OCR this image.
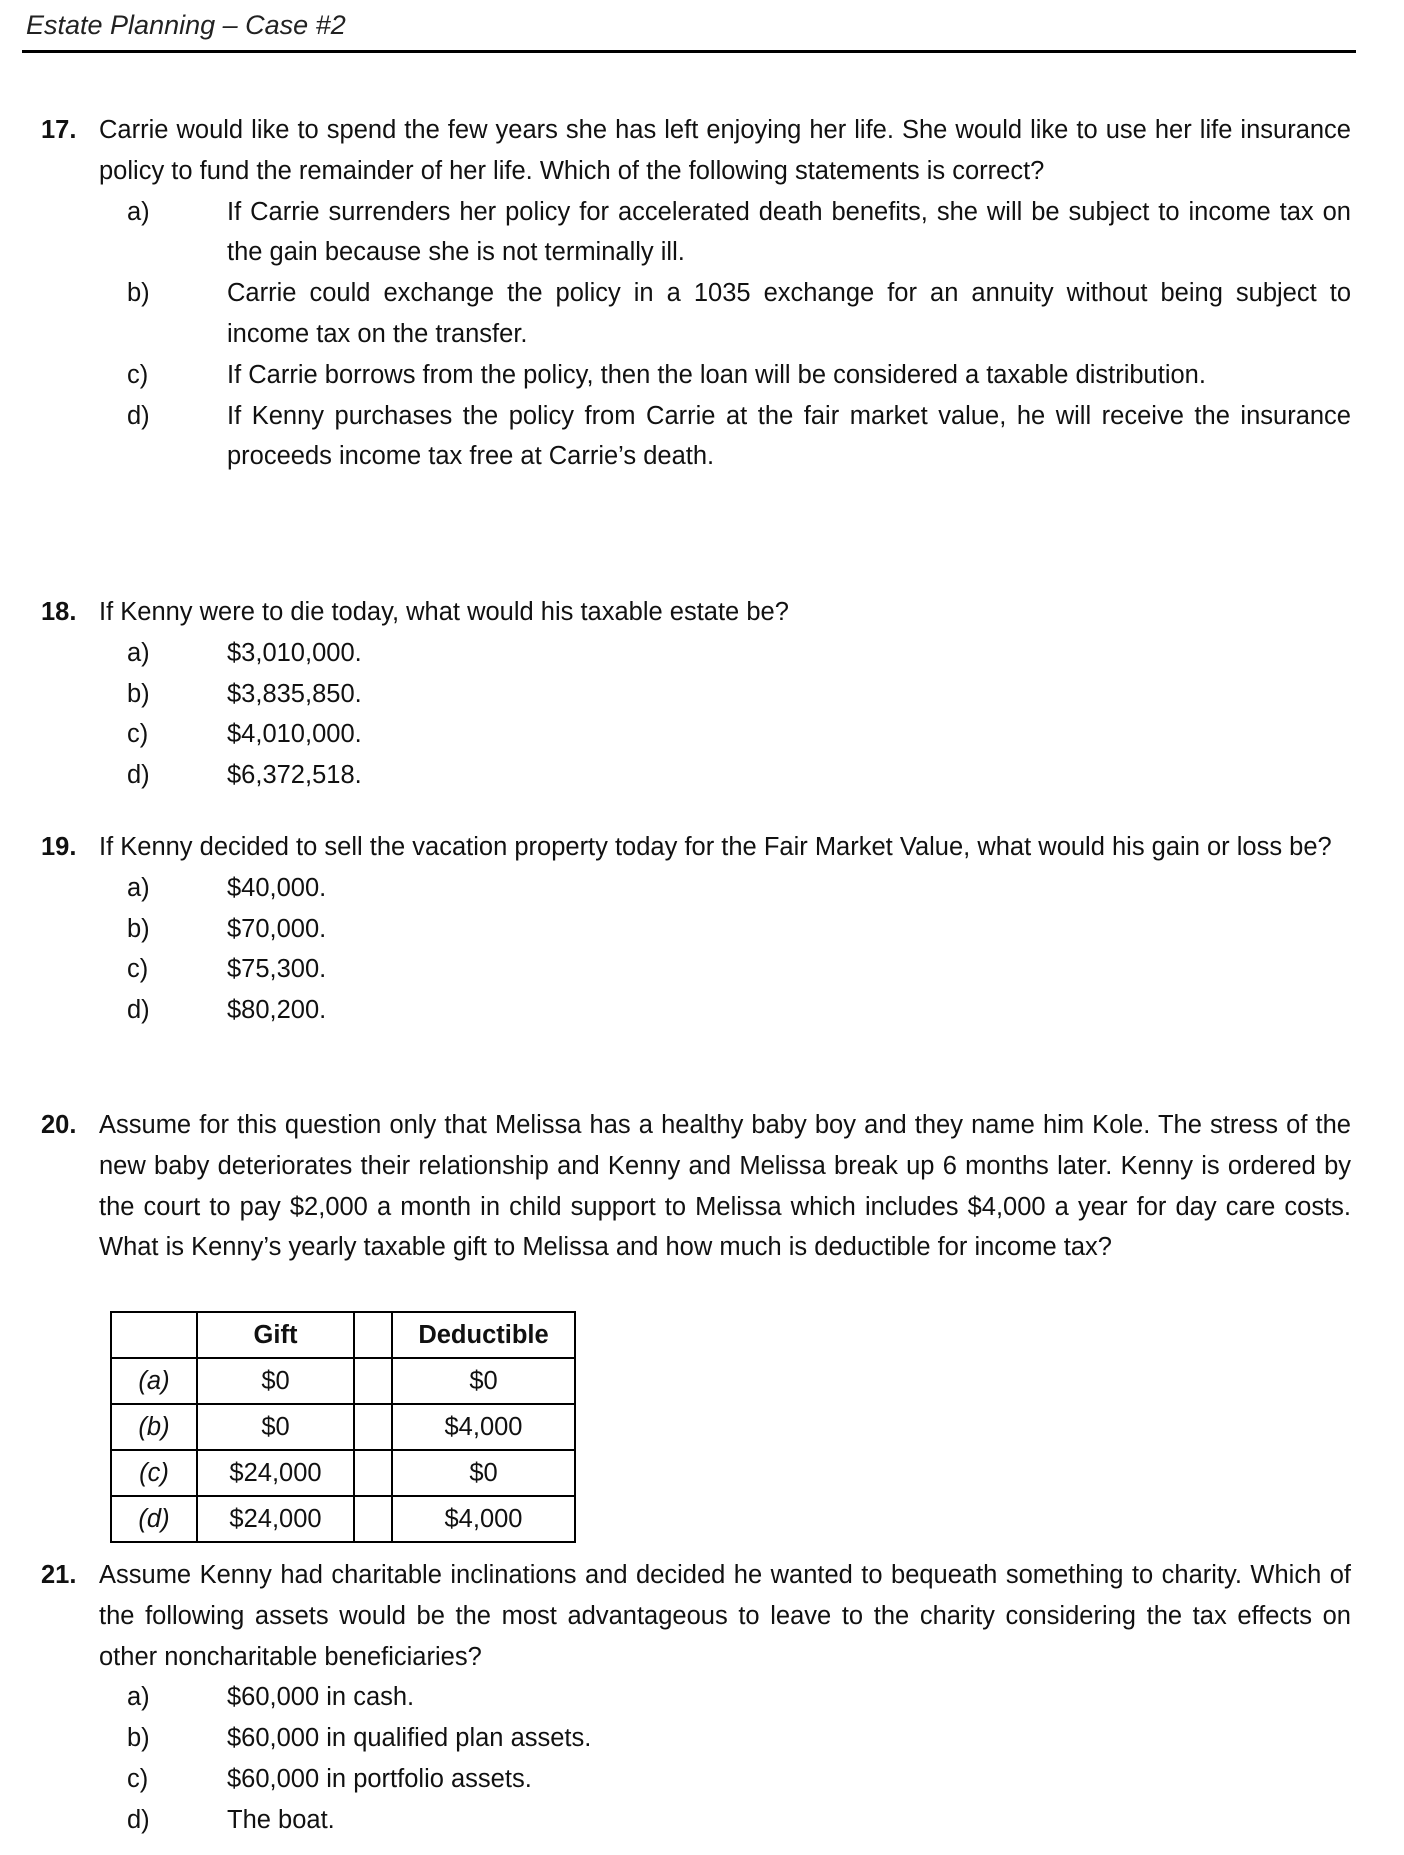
Estate Planning – Case #2
17. Carrie would like to spend the few years she has left enjoying her life. She would like to use her life insurance policy to fund the remainder of her life. Which of the following statements is correct?
a)	If Carrie surrenders her policy for accelerated death benefits, she will be subject to income tax on the gain because she is not terminally ill.
b)	Carrie could exchange the policy in a 1035 exchange for an annuity without being subject to income tax on the transfer.
c)	If Carrie borrows from the policy, then the loan will be considered a taxable distribution.
d)	If Kenny purchases the policy from Carrie at the fair market value, he will receive the insurance proceeds income tax free at Carrie’s death.
18. If Kenny were to die today, what would his taxable estate be?
a)	$3,010,000.
b)	$3,835,850.
c)	$4,010,000.
d)	$6,372,518.
19. If Kenny decided to sell the vacation property today for the Fair Market Value, what would his gain or loss be?
a)	$40,000.
b)	$70,000.
c)	$75,300.
d)	$80,200.
20. Assume for this question only that Melissa has a healthy baby boy and they name him Kole. The stress of the new baby deteriorates their relationship and Kenny and Melissa break up 6 months later. Kenny is ordered by the court to pay $2,000 a month in child support to Melissa which includes $4,000 a year for day care costs. What is Kenny’s yearly taxable gift to Melissa and how much is deductible for income tax?
	Gift		Deductible
(a)	$0		$0
(b)	$0		$4,000
(c)	$24,000		$0
(d)	$24,000		$4,000
21. Assume Kenny had charitable inclinations and decided he wanted to bequeath something to charity. Which of the following assets would be the most advantageous to leave to the charity considering the tax effects on other noncharitable beneficiaries?
a)	$60,000 in cash.
b)	$60,000 in qualified plan assets.
c)	$60,000 in portfolio assets.
d)	The boat.
